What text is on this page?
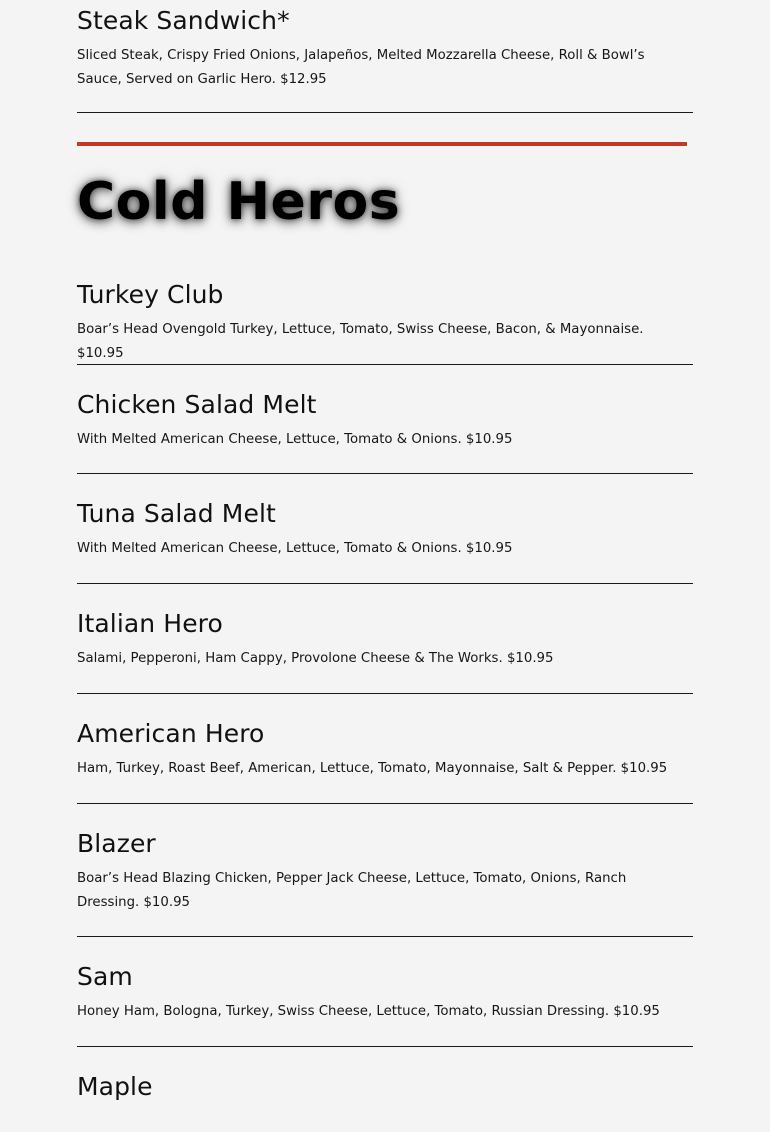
Steak Sandwich*

Sliced Steak, Crispy Fried Onions, Jalapeños, Melted Mozzarella Cheese, Roll & Bowl’s Sauce, Served on Garlic Hero. $12.95

Cold Heros
Turkey Club

Boar’s Head Ovengold Turkey, Lettuce, Tomato, Swiss Cheese, Bacon, & Mayonnaise. $10.95

Chicken Salad Melt

With Melted American Cheese, Lettuce, Tomato & Onions. $10.95

Tuna Salad Melt

With Melted American Cheese, Lettuce, Tomato & Onions. $10.95

Italian Hero

Salami, Pepperoni, Ham Cappy, Provolone Cheese & The Works. $10.95

American Hero

Ham, Turkey, Roast Beef, American, Lettuce, Tomato, Mayonnaise, Salt & Pepper. $10.95

Blazer

Boar’s Head Blazing Chicken, Pepper Jack Cheese, Lettuce, Tomato, Onions, Ranch Dressing. $10.95

Sam

Honey Ham, Bologna, Turkey, Swiss Cheese, Lettuce, Tomato, Russian Dressing. $10.95

Maple
